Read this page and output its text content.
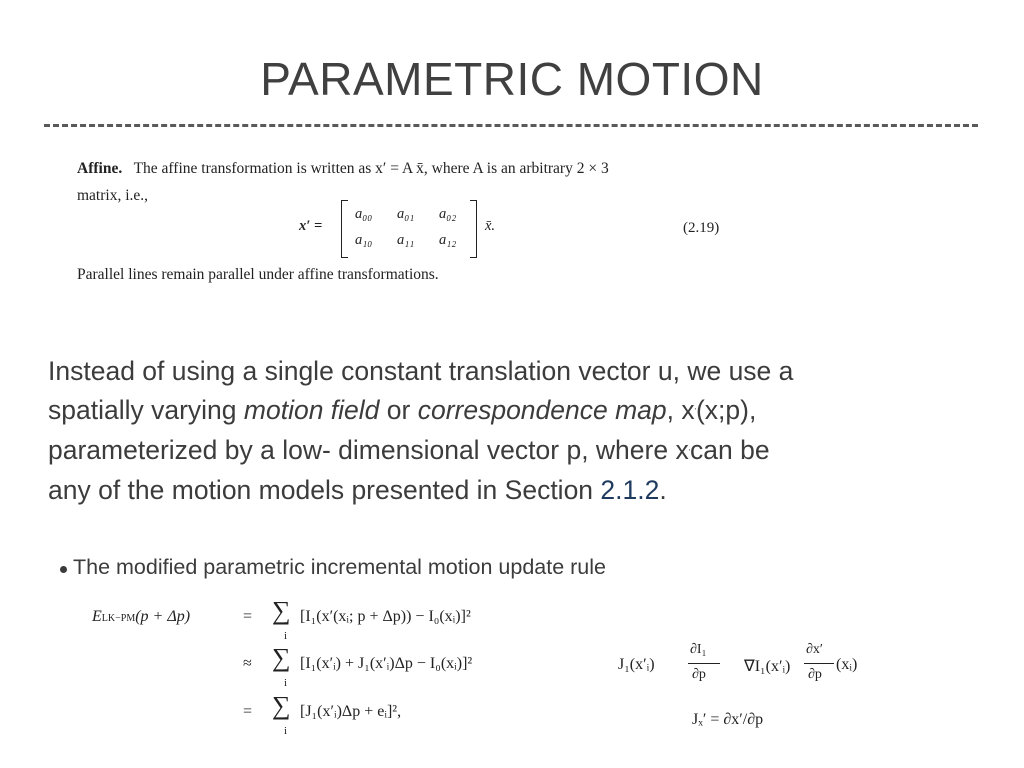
PARAMETRIC MOTION
Affine. The affine transformation is written as x′ = A x̄, where A is an arbitrary 2 × 3
matrix, i.e.,
x′ =
a₀₀ a₀₁ a₀₂
a₁₀ a₁₁ a₁₂
x̄.	(2.19)
Parallel lines remain parallel under affine transformations.
Instead of using a single constant translation vector u, we use a
spatially varying motion field or correspondence map, x′(x;p),
parameterized by a low- dimensional vector p, where x′can be
any of the motion models presented in Section 2.1.2.
The modified parametric incremental motion update rule
ELK−PM(p + Δp)	= ∑
i
[I₁(x′(xᵢ; p + Δp)) − I₀(xᵢ)]²
≈ ∑
i
[I₁(x′ᵢ) + J₁(x′ᵢ)Δp − I₀(xᵢ)]²
= ∑
i
[J₁(x′ᵢ)Δp + eᵢ]²,
J₁(x′ᵢ)
∂I₁
∂p ∇I₁(x′ᵢ)
∂x′
∂p
(xᵢ)
Jₓ′ = ∂x′/∂p
